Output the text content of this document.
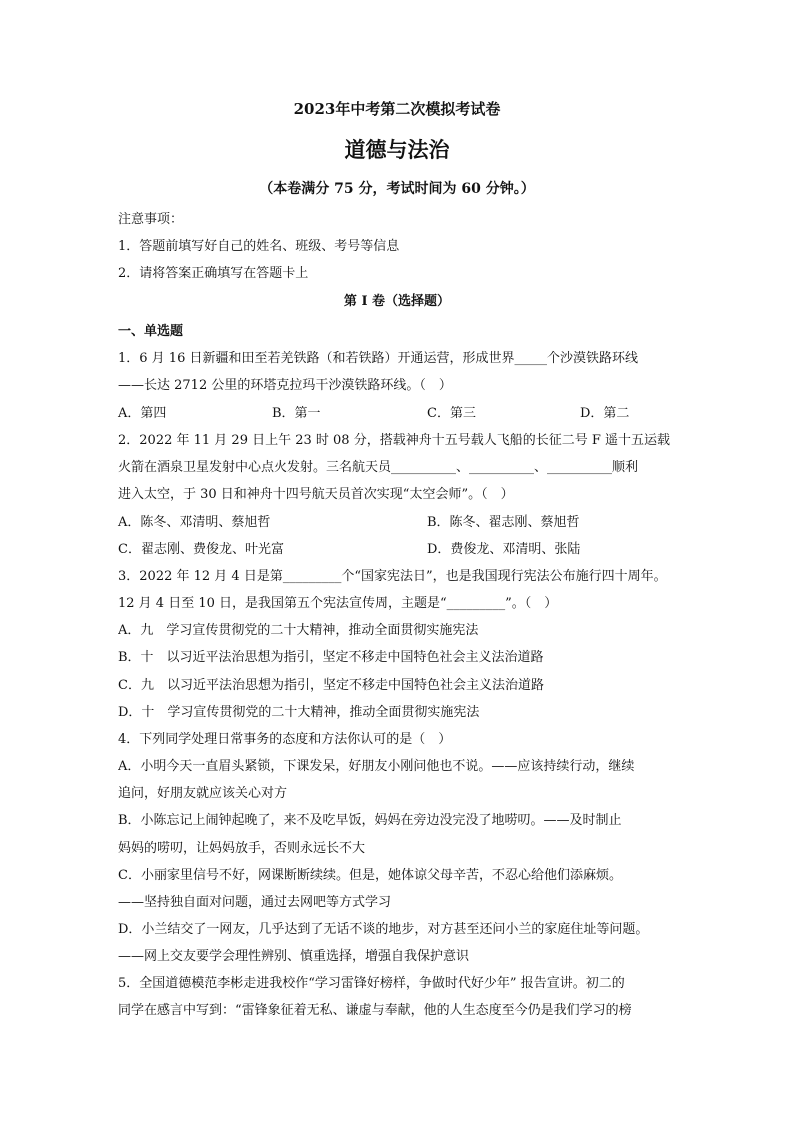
2023年中考第二次模拟考试卷
道德与法治
（本卷满分 75 分，考试时间为 60 分钟。）
注意事项：
1．答题前填写好自己的姓名、班级、考号等信息
2．请将答案正确填写在答题卡上
第 I 卷（选择题）
一、单选题
1．6 月 16 日新疆和田至若羌铁路（和若铁路）开通运营，形成世界_____个沙漠铁路环线
——长达 2712 公里的环塔克拉玛干沙漠铁路环线。（　）
A．第四	B．第一	C．第三	D．第二
2．2022 年 11 月 29 日上午 23 时 08 分，搭载神舟十五号载人飞船的长征二号 F 遥十五运载
火箭在酒泉卫星发射中心点火发射。三名航天员__________、__________、__________顺利
进入太空，于 30 日和神舟十四号航天员首次实现“太空会师”。（　）
A．陈冬、邓清明、蔡旭哲	B．陈冬、翟志刚、蔡旭哲
C．翟志刚、费俊龙、叶光富	D．费俊龙、邓清明、张陆
3．2022 年 12 月 4 日是第_________个“国家宪法日”，也是我国现行宪法公布施行四十周年。
12 月 4 日至 10 日，是我国第五个宪法宣传周，主题是“_________”。（　）
A．九　学习宣传贯彻党的二十大精神，推动全面贯彻实施宪法
B．十　以习近平法治思想为指引，坚定不移走中国特色社会主义法治道路
C．九　以习近平法治思想为指引，坚定不移走中国特色社会主义法治道路
D．十　学习宣传贯彻党的二十大精神，推动全面贯彻实施宪法
4．下列同学处理日常事务的态度和方法你认可的是（　）
A．小明今天一直眉头紧锁，下课发呆，好朋友小刚问他也不说。——应该持续行动，继续
追问，好朋友就应该关心对方
B．小陈忘记上闹钟起晚了，来不及吃早饭，妈妈在旁边没完没了地唠叨。——及时制止
妈妈的唠叨，让妈妈放手，否则永远长不大
C．小丽家里信号不好，网课断断续续。但是，她体谅父母辛苦，不忍心给他们添麻烦。
——坚持独自面对问题，通过去网吧等方式学习
D．小兰结交了一网友，几乎达到了无话不谈的地步，对方甚至还问小兰的家庭住址等问题。
——网上交友要学会理性辨别、慎重选择，增强自我保护意识
5．全国道德模范李彬走进我校作“学习雷锋好榜样，争做时代好少年” 报告宣讲。初二的
同学在感言中写到：“雷锋象征着无私、谦虚与奉献，他的人生态度至今仍是我们学习的榜
